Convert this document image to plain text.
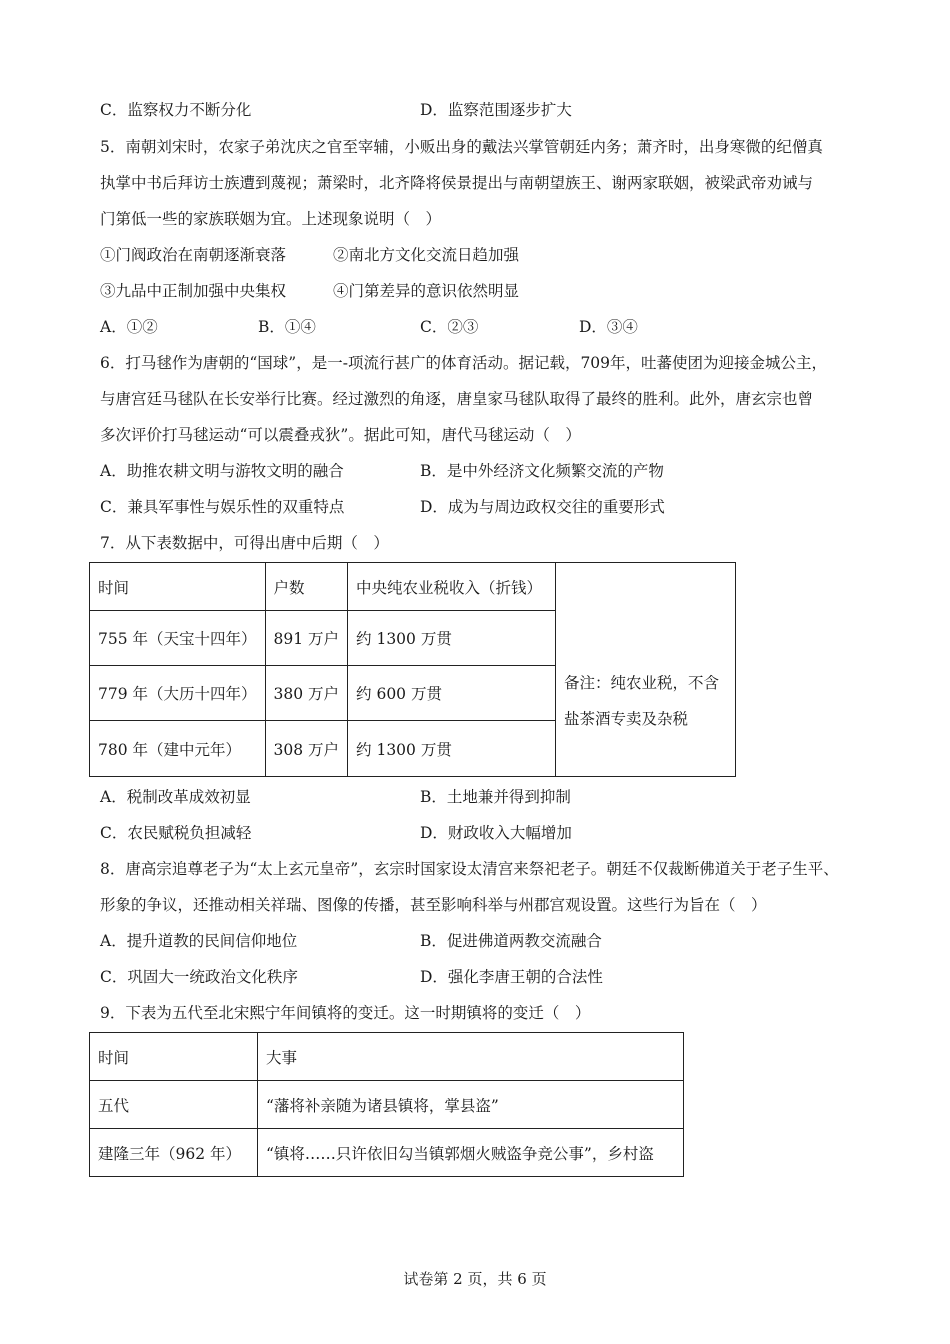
C．监察权力不断分化	D．监察范围逐步扩大
5．南朝刘宋时，农家子弟沈庆之官至宰辅，小贩出身的戴法兴掌管朝廷内务；萧齐时，出身寒微的纪僧真
执掌中书后拜访士族遭到蔑视；萧梁时，北齐降将侯景提出与南朝望族王、谢两家联姻，被梁武帝劝诫与
门第低一些的家族联姻为宜。上述现象说明（　）
①门阀政治在南朝逐渐衰落	②南北方文化交流日趋加强
③九品中正制加强中央集权	④门第差异的意识依然明显
A．①②	B．①④	C．②③	D．③④
6．打马毬作为唐朝的“国球”，是一-项流行甚广的体育活动。据记载，709年，吐蕃使团为迎接金城公主，
与唐宫廷马毬队在长安举行比赛。经过激烈的角逐，唐皇家马毬队取得了最终的胜利。此外，唐玄宗也曾
多次评价打马毬运动“可以震叠戎狄”。据此可知，唐代马毬运动（　）
A．助推农耕文明与游牧文明的融合	B．是中外经济文化频繁交流的产物
C．兼具军事性与娱乐性的双重特点	D．成为与周边政权交往的重要形式
7．从下表数据中，可得出唐中后期（　）
时间	户数	中央纯农业税收入（折钱）	备注：纯农业税，不含
盐茶酒专卖及杂税

755 年（天宝十四年）	891 万户	约 1300 万贯	
779 年（大历十四年）	380 万户	约 600 万贯	
780 年（建中元年）	308 万户	约 1300 万贯	
A．税制改革成效初显	B．土地兼并得到抑制
C．农民赋税负担减轻	D．财政收入大幅增加
8．唐高宗追尊老子为“太上玄元皇帝”，玄宗时国家设太清宫来祭祀老子。朝廷不仅裁断佛道关于老子生平、
形象的争议，还推动相关祥瑞、图像的传播，甚至影响科举与州郡宫观设置。这些行为旨在（　）
A．提升道教的民间信仰地位	B．促进佛道两教交流融合
C．巩固大一统政治文化秩序	D．强化李唐王朝的合法性
9．下表为五代至北宋熙宁年间镇将的变迁。这一时期镇将的变迁（　）
时间	大事
五代	“藩将补亲随为诸县镇将，掌县盗”
建隆三年（962 年）	“镇将……只许依旧勾当镇郭烟火贼盗争竞公事”，乡村盗
试卷第 2 页，共 6 页
